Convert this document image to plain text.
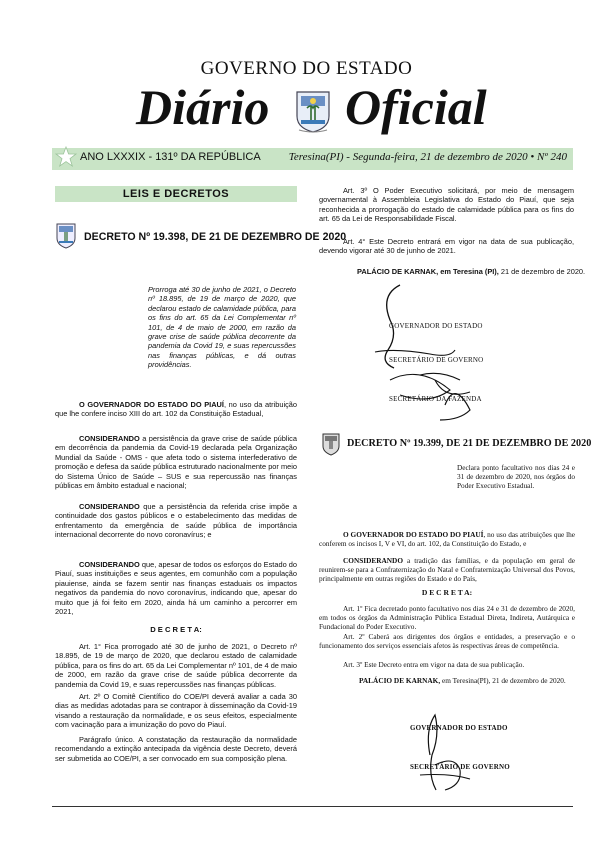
GOVERNO DO ESTADO
Diário Oficial
ANO LXXXIX - 131º DA REPÚBLICA	Teresina(PI) - Segunda-feira, 21 de dezembro de 2020 • Nº 240
LEIS E DECRETOS
DECRETO Nº 19.398, DE 21 DE DEZEMBRO DE 2020
Prorroga até 30 de junho de 2021, o Decreto nº 18.895, de 19 de março de 2020, que declarou estado de calamidade pública, para os fins do art. 65 da Lei Complementar nº 101, de 4 de maio de 2000, em razão da grave crise de saúde pública decorrente da pandemia da Covid 19, e suas repercussões nas finanças públicas, e dá outras providências.
O GOVERNADOR DO ESTADO DO PIAUÍ, no uso da atribuição que lhe confere inciso XIII do art. 102 da Constituição Estadual,
CONSIDERANDO a persistência da grave crise de saúde pública em decorrência da pandemia da Covid-19 declarada pela Organização Mundial da Saúde - OMS - que afeta todo o sistema interfederativo de promoção e defesa da saúde pública estruturado nacionalmente por meio do Sistema Único de Saúde – SUS e sua repercussão nas finanças públicas em âmbito estadual e nacional;
CONSIDERANDO que a persistência da referida crise impõe a continuidade dos gastos públicos e o estabelecimento das medidas de enfrentamento da emergência de saúde pública de importância internacional decorrente do novo coronavírus; e
CONSIDERANDO que, apesar de todos os esforços do Estado do Piauí, suas instituições e seus agentes, em comunhão com a população piauiense, ainda se fazem sentir nas finanças estaduais os impactos negativos da pandemia do novo coronavírus, indicando que, apesar do muito que já foi feito em 2020, ainda há um caminho a percorrer em 2021,
D E C R E T A:
Art. 1° Fica prorrogado até 30 de junho de 2021, o Decreto nº 18.895, de 19 de março de 2020, que declarou estado de calamidade pública, para os fins do art. 65 da Lei Complementar nº 101, de 4 de maio de 2000, em razão da grave crise de saúde pública decorrente da pandemia da Covid 19, e suas repercussões nas finanças públicas.
Art. 2º O Comitê Científico do COE/PI deverá avaliar a cada 30 dias as medidas adotadas para se contrapor à disseminação da Covid-19 visando a restauração da normalidade, e os seus efeitos, especialmente com vacinação para a imunização do povo do Piauí.
Parágrafo único. A constatação da restauração da normalidade recomendando a extinção antecipada da vigência deste Decreto, deverá ser submetida ao COE/PI, a ser convocado em sua composição plena.
Art. 3º O Poder Executivo solicitará, por meio de mensagem governamental à Assembleia Legislativa do Estado do Piauí, que seja reconhecida a prorrogação do estado de calamidade pública para os fins do art. 65 da Lei de Responsabilidade Fiscal.
Art. 4° Este Decreto entrará em vigor na data de sua publicação, devendo vigorar até 30 de junho de 2021.
PALÁCIO DE KARNAK, em Teresina (PI), 21 de dezembro de 2020.
GOVERNADOR DO ESTADO
SECRETÁRIO DE GOVERNO
SECRETÁRIO DA FAZENDA
DECRETO Nº 19.399, DE 21 DE DEZEMBRO DE 2020
Declara ponto facultativo nos dias 24 e 31 de dezembro de 2020, nos órgãos do Poder Executivo Estadual.
O GOVERNADOR DO ESTADO DO PIAUÍ, no uso das atribuições que lhe conferem os incisos I, V e VI, do art. 102, da Constituição do Estado, e
CONSIDERANDO a tradição das famílias, e da população em geral de reunirem-se para a Confraternização do Natal e Confraternização Universal dos Povos, principalmente em outras regiões do Estado e do País,
D E C R E T A:
Art. 1º Fica decretado ponto facultativo nos dias 24 e 31 de dezembro de 2020, em todos os órgãos da Administração Pública Estadual Direta, Indireta, Autárquica e Fundacional do Poder Executivo.
Art. 2º Caberá aos dirigentes dos órgãos e entidades, a preservação e o funcionamento dos serviços essenciais afetos às respectivas áreas de competência.
Art. 3º Este Decreto entra em vigor na data de sua publicação.
PALÁCIO DE KARNAK, em Teresina(PI), 21 de dezembro de 2020.
GOVERNADOR DO ESTADO
SECRETÁRIO DE GOVERNO
